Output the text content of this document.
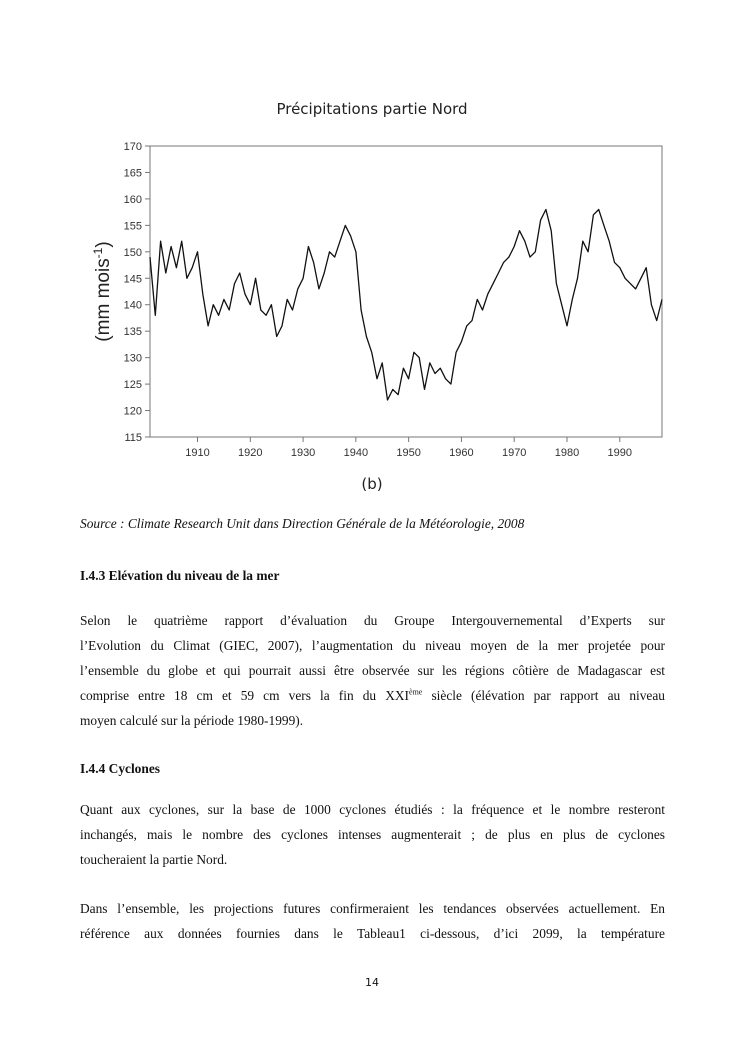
Précipitations partie Nord
115
120
125
130
135
140
145
150
155
160
165
170
1910	1920	1930	1940	1950	1960	1970	1980	1990
(mm mois$^{-1}$)
(b)
Source : Climate Research Unit dans Direction Générale de la Météorologie, 2008
I.4.3 Elévation du niveau de la mer
Selon le quatrième rapport d’évaluation du Groupe Intergouvernemental d’Experts sur
l’Evolution du Climat (GIEC, 2007), l’augmentation du niveau moyen de la mer projetée pour
l’ensemble du globe et qui pourrait aussi être observée sur les régions côtière de Madagascar est
comprise entre 18 cm et 59 cm vers la fin du XXIème siècle (élévation par rapport au niveau
moyen calculé sur la période 1980-1999).
I.4.4 Cyclones
Quant aux cyclones, sur la base de 1000 cyclones étudiés : la fréquence et le nombre resteront
inchangés, mais le nombre des cyclones intenses augmenterait ; de plus en plus de cyclones
toucheraient la partie Nord.
Dans l’ensemble, les projections futures confirmeraient les tendances observées actuellement. En
référence aux données fournies dans le Tableau1 ci-dessous, d’ici 2099, la température
14
